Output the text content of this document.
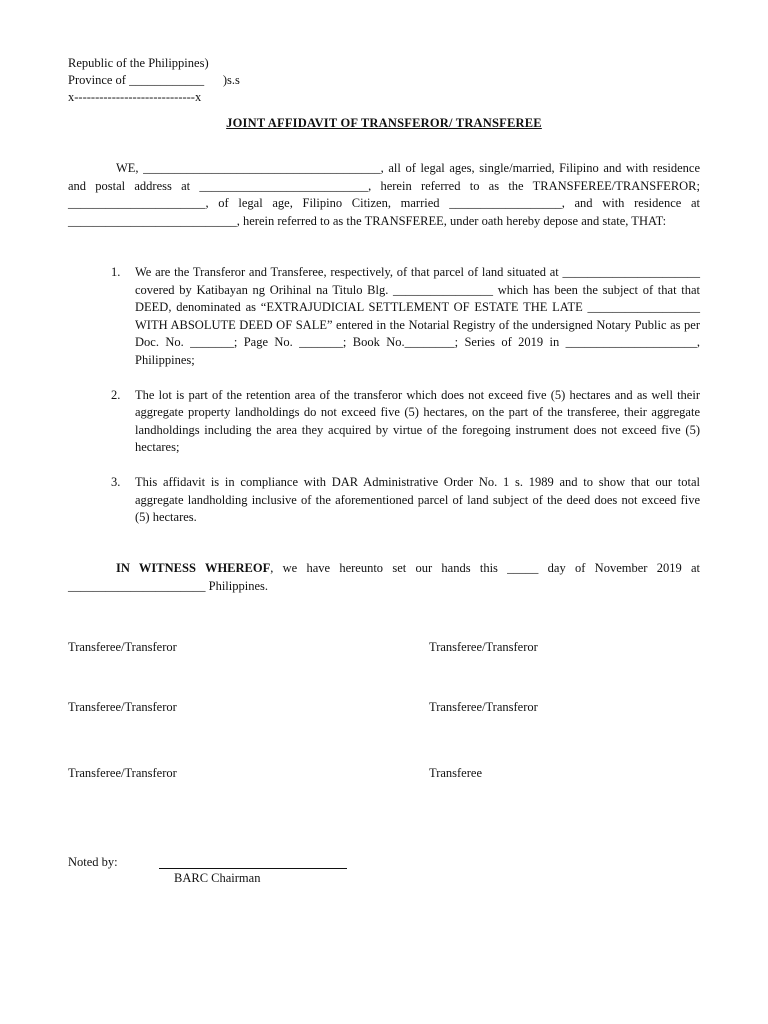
Republic of the Philippines)
Province of ____________      )s.s
x-----------------------------x
JOINT AFFIDAVIT OF TRANSFEROR/ TRANSFEREE
WE, ______________________________________, all of legal ages, single/married, Filipino and with residence and postal address at ___________________________, herein referred to as the TRANSFEREE/TRANSFEROR; ______________________, of legal age, Filipino Citizen, married __________________, and with residence at ___________________________, herein referred to as the TRANSFEREE, under oath hereby depose and state, THAT:
1. We are the Transferor and Transferee, respectively, of that parcel of land situated at ______________________ covered by Katibayan ng Orihinal na Titulo Blg. ________________ which has been the subject of that that DEED, denominated as “EXTRAJUDICIAL SETTLEMENT OF ESTATE THE LATE __________________ WITH ABSOLUTE DEED OF SALE” entered in the Notarial Registry of the undersigned Notary Public as per Doc. No. _______; Page No. _______; Book No.________; Series of 2019 in _____________________, Philippines;
2. The lot is part of the retention area of the transferor which does not exceed five (5) hectares and as well their aggregate property landholdings do not exceed five (5) hectares, on the part of the transferee, their aggregate landholdings including the area they acquired by virtue of the foregoing instrument does not exceed five (5) hectares;
3. This affidavit is in compliance with DAR Administrative Order No. 1 s. 1989 and to show that our total aggregate landholding inclusive of the aforementioned parcel of land subject of the deed does not exceed five (5) hectares.
IN WITNESS WHEREOF, we have hereunto set our hands this _____ day of November 2019 at ______________________ Philippines.
Transferee/Transferor	Transferee/Transferor
Transferee/Transferor	Transferee/Transferor
Transferee/Transferor	Transferee
Noted by:
BARC Chairman
